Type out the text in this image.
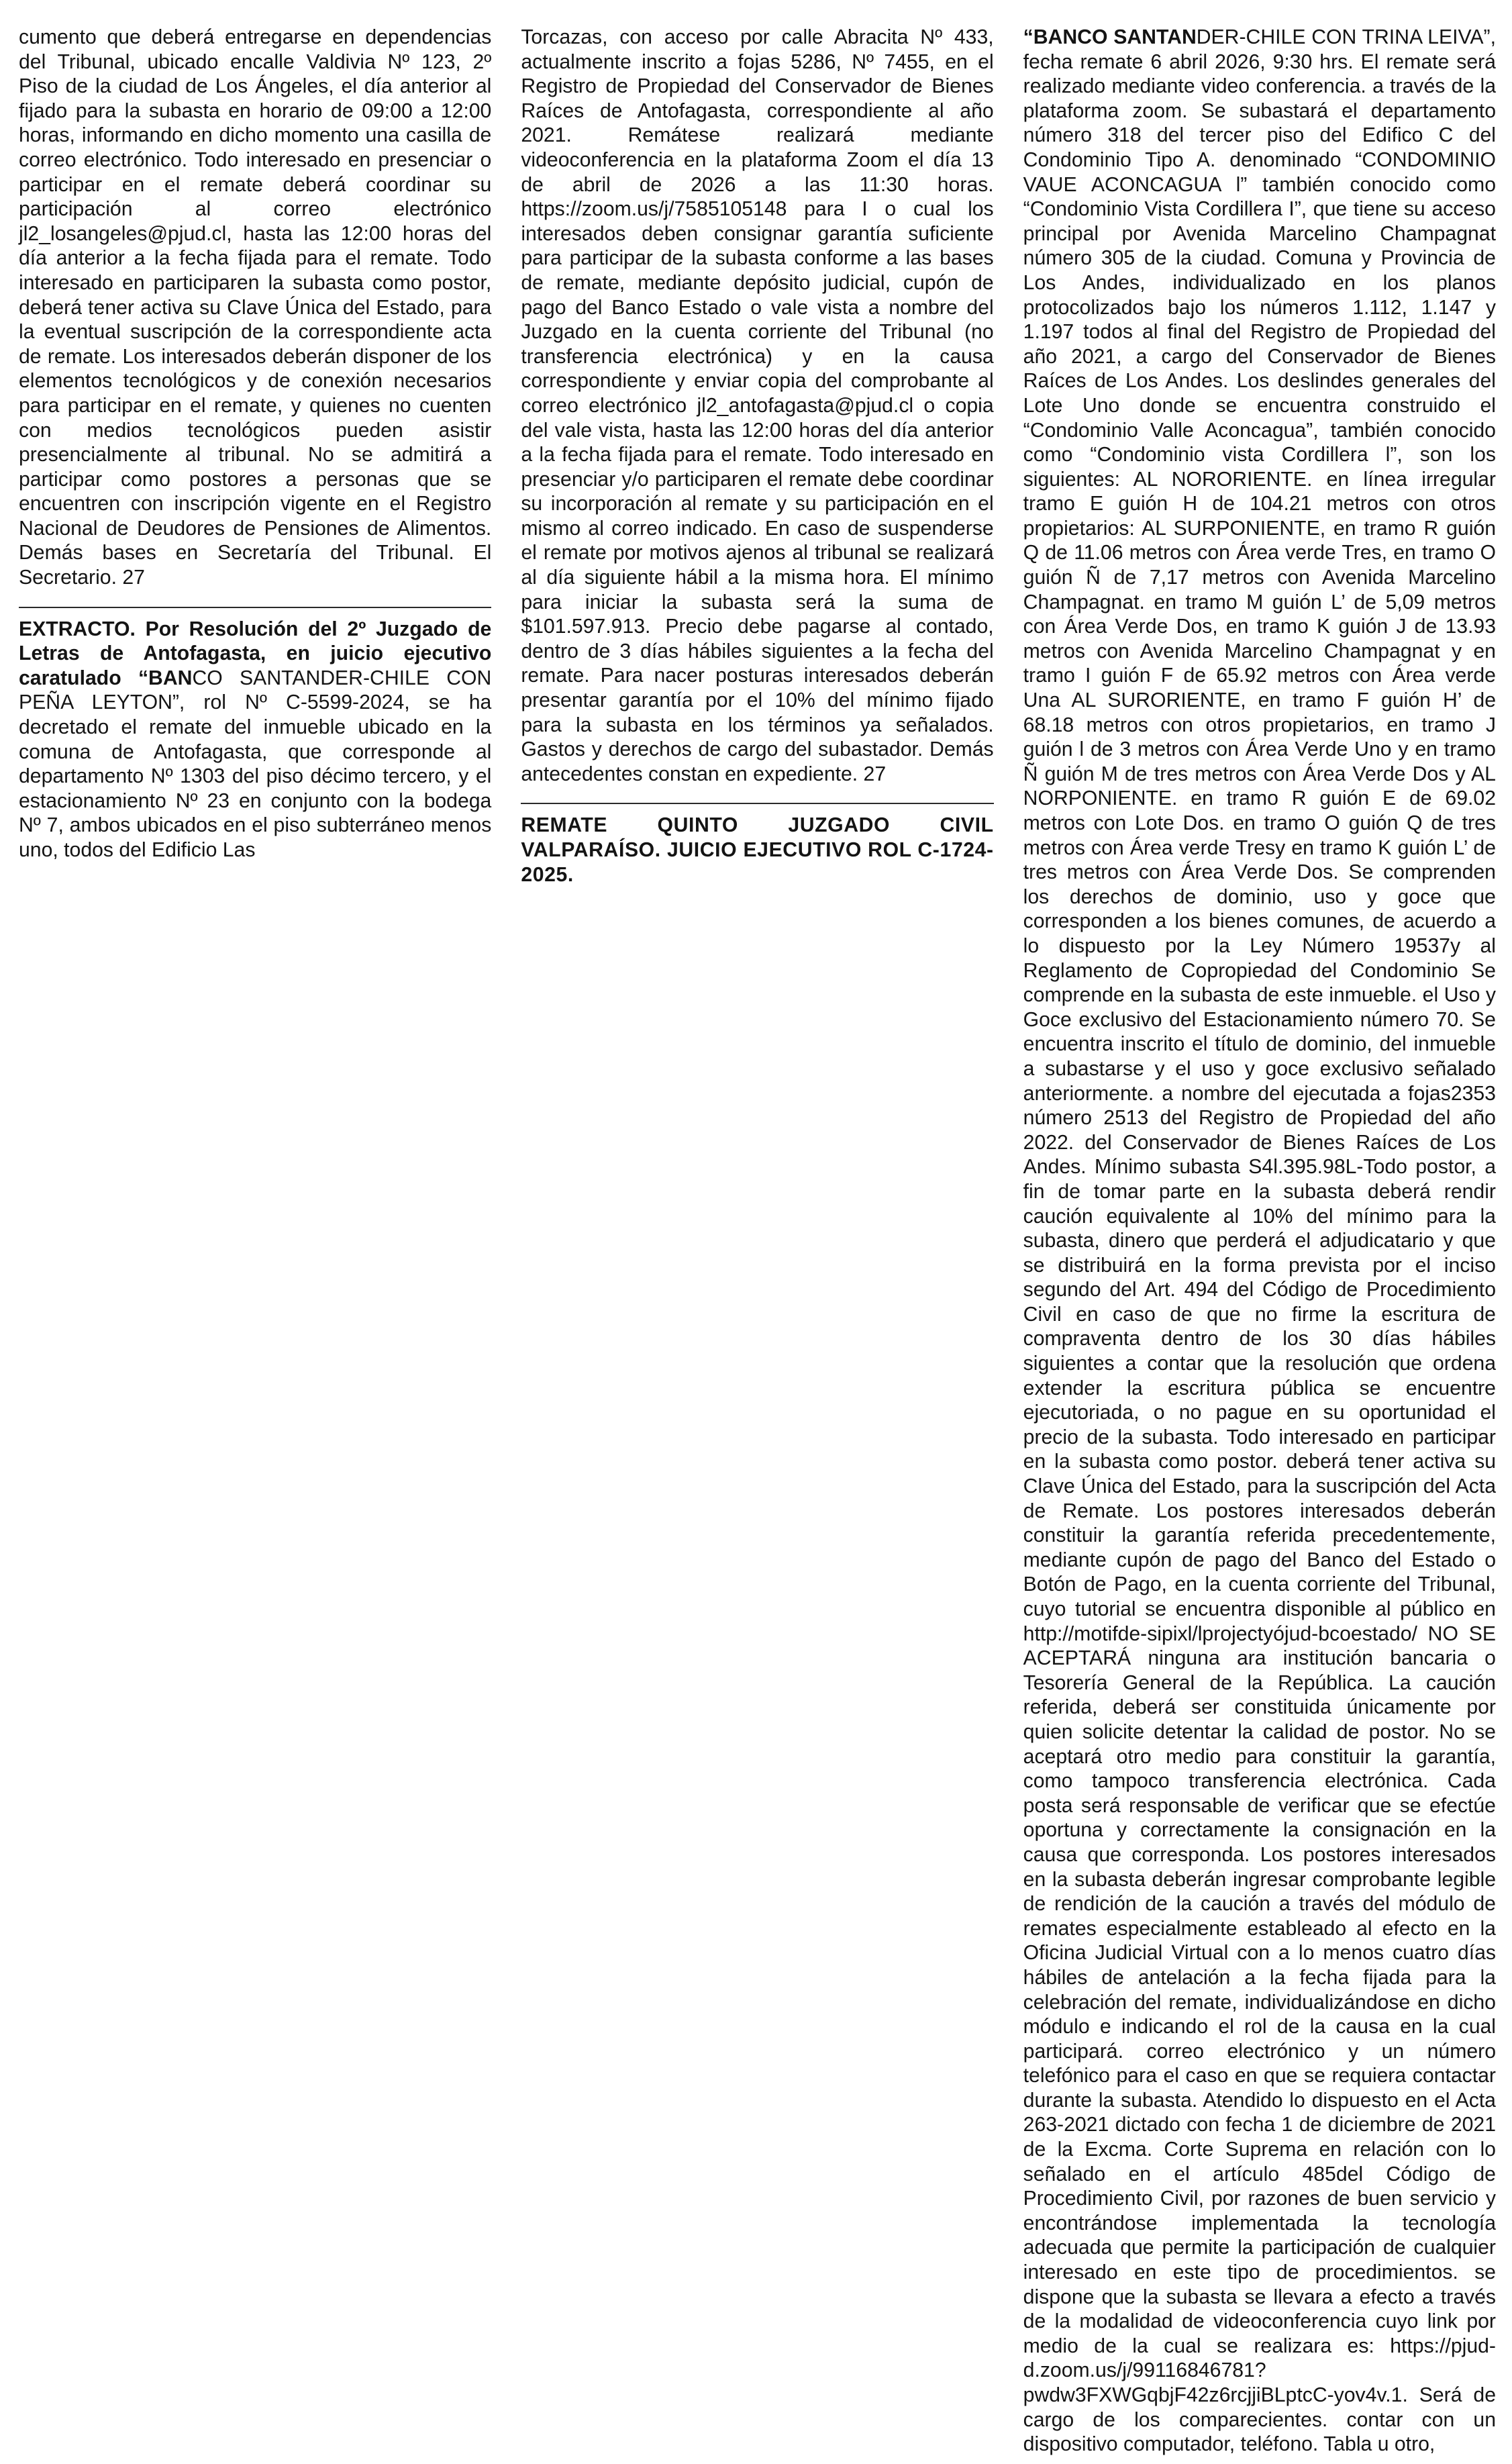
cumento que deberá entregarse en dependencias del Tribunal, ubicado encalle Valdivia Nº 123, 2º Piso de la ciudad de Los Ángeles, el día anterior al fijado para la subasta en horario de 09:00 a 12:00 horas, informando en dicho momento una casilla de correo electrónico. Todo interesado en presenciar o participar en el remate deberá coordinar su participación al correo electrónico jl2_losangeles@pjud.cl, hasta las 12:00 horas del día anterior a la fecha fijada para el remate. Todo interesado en participaren la subasta como postor, deberá tener activa su Clave Única del Estado, para la eventual suscripción de la correspondiente acta de remate. Los interesados deberán disponer de los elementos tecnológicos y de conexión necesarios para participar en el remate, y quienes no cuenten con medios tecnológicos pueden asistir presencialmente al tribunal. No se admitirá a participar como postores a personas que se encuentren con inscripción vigente en el Registro Nacional de Deudores de Pensiones de Alimentos. Demás bases en Secretaría del Tribunal. El Secretario. 27

EXTRACTO. Por Resolución del 2º Juzgado de Letras de Antofagasta, en juicio ejecutivo caratulado “BANCO SANTANDER-CHILE CON PEÑA LEYTON”, rol Nº C-5599-2024, se ha decretado el remate del inmueble ubicado en la comuna de Antofagasta, que corresponde al departamento Nº 1303 del piso décimo tercero, y el estacionamiento Nº 23 en conjunto con la bodega Nº 7, ambos ubicados en el piso subterráneo menos uno, todos del Edificio Las

Torcazas, con acceso por calle Abracita Nº 433, actualmente inscrito a fojas 5286, Nº 7455, en el Registro de Propiedad del Conservador de Bienes Raíces de Antofagasta, correspondiente al año 2021. Remátese realizará mediante videoconferencia en la plataforma Zoom el día 13 de abril de 2026 a las 11:30 horas. https://zoom.us/j/7585105148 para I o cual los interesados deben consignar garantía suficiente para participar de la subasta conforme a las bases de remate, mediante depósito judicial, cupón de pago del Banco Estado o vale vista a nombre del Juzgado en la cuenta corriente del Tribunal (no transferencia electrónica) y en la causa correspondiente y enviar copia del comprobante al correo electrónico jl2_antofagasta@pjud.cl o copia del vale vista, hasta las 12:00 horas del día anterior a la fecha fijada para el remate. Todo interesado en presenciar y/o participaren el remate debe coordinar su incorporación al remate y su participación en el mismo al correo indicado. En caso de suspenderse el remate por motivos ajenos al tribunal se realizará al día siguiente hábil a la misma hora. El mínimo para iniciar la subasta será la suma de $101.597.913. Precio debe pagarse al contado, dentro de 3 días hábiles siguientes a la fecha del remate. Para nacer posturas interesados deberán presentar garantía por el 10% del mínimo fijado para la subasta en los términos ya señalados. Gastos y derechos de cargo del subastador. Demás antecedentes constan en expediente. 27

REMATE QUINTO JUZGADO CIVIL VALPARAÍSO. JUICIO EJECUTIVO ROL C-1724-2025.

“BANCO SANTANDER-CHILE CON TRINA LEIVA”, fecha remate 6 abril 2026, 9:30 hrs. El remate será realizado mediante video conferencia. a través de la plataforma zoom. Se subastará el departamento número 318 del tercer piso del Edifico C del Condominio Tipo A. denominado “CONDOMINIO VAUE ACONCAGUA l” también conocido como “Condominio Vista Cordillera I”, que tiene su acceso principal por Avenida Marcelino Champagnat número 305 de la ciudad. Comuna y Provincia de Los Andes, individualizado en los planos protocolizados bajo los números 1.112, 1.147 y 1.197 todos al final del Registro de Propiedad del año 2021, a cargo del Conservador de Bienes Raíces de Los Andes. Los deslindes generales del Lote Uno donde se encuentra construido el “Condominio Valle Aconcagua”, también conocido como “Condominio vista Cordillera l”, son los siguientes: AL NORORIENTE. en línea irregular tramo E guión H de 104.21 metros con otros propietarios: AL SURPONIENTE, en tramo R guión Q de 11.06 metros con Área verde Tres, en tramo O guión Ñ de 7,17 metros con Avenida Marcelino Champagnat. en tramo M guión L’ de 5,09 metros con Área Verde Dos, en tramo K guión J de 13.93 metros con Avenida Marcelino Champagnat y en tramo I guión F de 65.92 metros con Área verde Una AL SURORIENTE, en tramo F guión H’ de 68.18 metros con otros propietarios, en tramo J guión l de 3 metros con Área Verde Uno y en tramo Ñ guión M de tres metros con Área Verde Dos y AL NORPONIENTE. en tramo R guión E de 69.02 metros con Lote Dos. en tramo O guión Q de tres metros con Área verde Tresy en tramo K guión L’ de tres metros con Área Verde Dos. Se comprenden los derechos de dominio, uso y goce que corresponden a los bienes comunes, de acuerdo a lo dispuesto por la Ley Número 19537y al Reglamento de Copropiedad del Condominio Se comprende en la subasta de este inmueble. el Uso y Goce exclusivo del Estacionamiento número 70. Se encuentra inscrito el título de dominio, del inmueble a subastarse y el uso y goce exclusivo señalado anteriormente. a nombre del ejecutada a fojas2353 número 2513 del Registro de Propiedad del año 2022. del Conservador de Bienes Raíces de Los Andes. Mínimo subasta S4l.395.98L-Todo postor, a fin de tomar parte en la subasta deberá rendir caución equivalente al 10% del mínimo para la subasta, dinero que perderá el adjudicatario y que se distribuirá en la forma prevista por el inciso segundo del Art. 494 del Código de Procedimiento Civil en caso de que no firme la escritura de compraventa dentro de los 30 días hábiles siguientes a contar que la resolución que ordena extender la escritura pública se encuentre ejecutoriada, o no pague en su oportunidad el precio de la subasta. Todo interesado en participar en la subasta como postor. deberá tener activa su Clave Única del Estado, para la suscripción del Acta de Remate. Los postores interesados deberán constituir la garantía referida precedentemente, mediante cupón de pago del Banco del Estado o Botón de Pago, en la cuenta corriente del Tribunal, cuyo tutorial se encuentra disponible al público en http://motifde-sipixl/lprojectyójud-bcoestado/ NO SE ACEPTARÁ ninguna ara institución bancaria o Tesorería General de la República. La caución referida, deberá ser constituida únicamente por quien solicite detentar la calidad de postor. No se aceptará otro medio para constituir la garantía, como tampoco transferencia electrónica. Cada posta será responsable de verificar que se efectúe oportuna y correctamente la consignación en la causa que corresponda. Los postores interesados en la subasta deberán ingresar comprobante legible de rendición de la caución a través del módulo de remates especialmente estableado al efecto en la Oficina Judicial Virtual con a lo menos cuatro días hábiles de antelación a la fecha fijada para la celebración del remate, individualizándose en dicho módulo e indicando el rol de la causa en la cual participará. correo electrónico y un número telefónico para el caso en que se requiera contactar durante la subasta. Atendido lo dispuesto en el Acta 263-2021 dictado con fecha 1 de diciembre de 2021 de la Excma. Corte Suprema en relación con lo señalado en el artículo 485del Código de Procedimiento Civil, por razones de buen servicio y encontrándose implementada la tecnología adecuada que permite la participación de cualquier interesado en este tipo de procedimientos. se dispone que la subasta se llevara a efecto a través de la modalidad de videoconferencia cuyo link por medio de la cual se realizara es: https://pjud-d.zoom.us/j/99116846781?pwdw3FXWGqbjF42z6rcjjiBLptcC-yov4v.1. Será de cargo de los comparecientes. contar con un dispositivo computador, teléfono. Tabla u otro,
